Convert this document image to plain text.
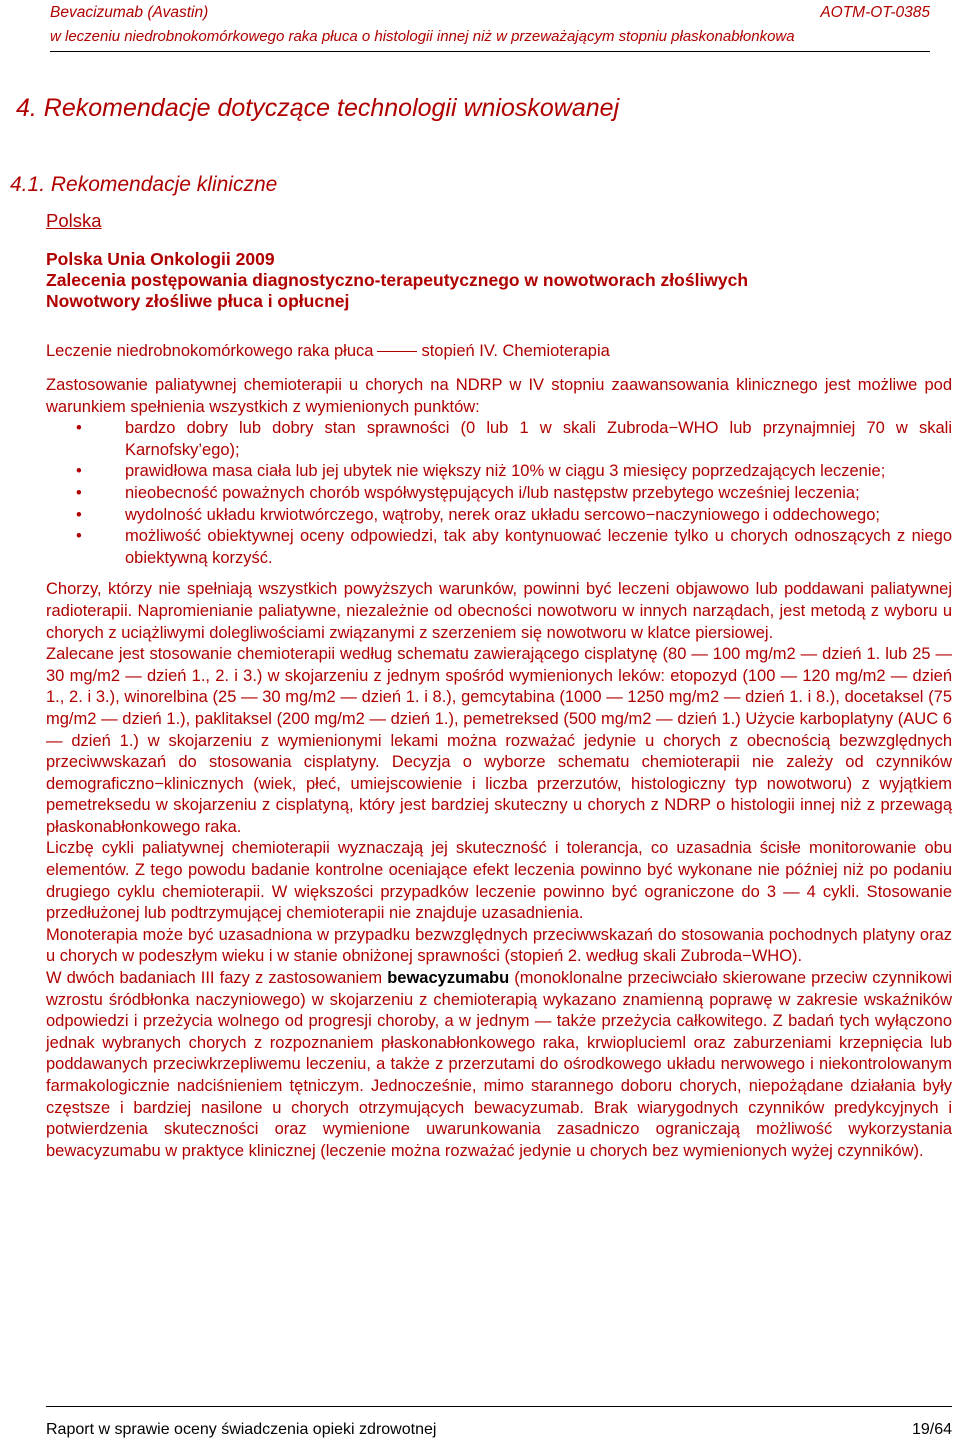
Bevacizumab (Avastin)	AOTM-OT-0385
w leczeniu niedrobnokomórkowego raka płuca o histologii innej niż w przeważającym stopniu płaskonabłonkowa
4. Rekomendacje dotyczące technologii wnioskowanej
4.1. Rekomendacje kliniczne
Polska
Polska Unia Onkologii 2009
Zalecenia postępowania diagnostyczno-terapeutycznego w nowotworach złośliwych
Nowotwory złośliwe płuca i opłucnej
Leczenie niedrobnokomórkowego raka płuca	stopień IV. Chemioterapia

Zastosowanie paliatywnej chemioterapii u chorych na NDRP w IV stopniu zaawansowania klinicznego jest możliwe pod warunkiem spełnienia wszystkich z wymienionych punktów:

• bardzo dobry lub dobry stan sprawności (0 lub 1 w skali Zubroda−WHO lub przynajmniej 70 w skali Karnofsky’ego);
• prawidłowa masa ciała lub jej ubytek nie większy niż 10% w ciągu 3 miesięcy poprzedzających leczenie;
• nieobecność poważnych chorób współwystępujących i/lub następstw przebytego wcześniej leczenia;
• wydolność układu krwiotwórczego, wątroby, nerek oraz układu sercowo−naczyniowego i oddechowego;
• możliwość obiektywnej oceny odpowiedzi, tak aby kontynuować leczenie tylko u chorych odnoszących z niego obiektywną korzyść.

Chorzy, którzy nie spełniają wszystkich powyższych warunków, powinni być leczeni objawowo lub poddawani paliatywnej radioterapii. Napromienianie paliatywne, niezależnie od obecności nowotworu w innych narządach, jest metodą z wyboru u chorych z uciążliwymi dolegliwościami związanymi z szerzeniem się nowotworu w klatce piersiowej.

Zalecane jest stosowanie chemioterapii według schematu zawierającego cisplatynę (80 — 100 mg/m2 — dzień 1. lub 25 — 30 mg/m2 — dzień 1., 2. i 3.) w skojarzeniu z jednym spośród wymienionych leków: etopozyd (100 — 120 mg/m2 — dzień 1., 2. i 3.), winorelbina (25 — 30 mg/m2 — dzień 1. i 8.), gemcytabina (1000 — 1250 mg/m2 — dzień 1. i 8.), docetaksel (75 mg/m2 — dzień 1.), paklitaksel (200 mg/m2 — dzień 1.), pemetreksed (500 mg/m2 — dzień 1.) Użycie karboplatyny (AUC 6 — dzień 1.) w skojarzeniu z wymienionymi lekami można rozważać jedynie u chorych z obecnością bezwzględnych przeciwwskazań do stosowania cisplatyny. Decyzja o wyborze schematu chemioterapii nie zależy od czynników demograficzno−klinicznych (wiek, płeć, umiejscowienie i liczba przerzutów, histologiczny typ nowotworu) z wyjątkiem pemetreksedu w skojarzeniu z cisplatyną, który jest bardziej skuteczny u chorych z NDRP o histologii innej niż z przewagą płaskonabłonkowego raka.

Liczbę cykli paliatywnej chemioterapii wyznaczają jej skuteczność i tolerancja, co uzasadnia ścisłe monitorowanie obu elementów. Z tego powodu badanie kontrolne oceniające efekt leczenia powinno być wykonane nie później niż po podaniu drugiego cyklu chemioterapii. W większości przypadków leczenie powinno być ograniczone do 3 — 4 cykli. Stosowanie przedłużonej lub podtrzymującej chemioterapii nie znajduje uzasadnienia.

Monoterapia może być uzasadniona w przypadku bezwzględnych przeciwwskazań do stosowania pochodnych platyny oraz u chorych w podeszłym wieku i w stanie obniżonej sprawności (stopień 2. według skali Zubroda−WHO).

W dwóch badaniach III fazy z zastosowaniem bewacyzumabu (monoklonalne przeciwciało skierowane przeciw czynnikowi wzrostu śródbłonka naczyniowego) w skojarzeniu z chemioterapią wykazano znamienną poprawę w zakresie wskaźników odpowiedzi i przeżycia wolnego od progresji choroby, a w jednym — także przeżycia całkowitego. Z badań tych wyłączono jednak wybranych chorych z rozpoznaniem płaskonabłonkowego raka, krwioplucieml oraz zaburzeniami krzepnięcia lub poddawanych przeciwkrzepliwemu leczeniu, a także z przerzutami do ośrodkowego układu nerwowego i niekontrolowanym farmakologicznie nadciśnieniem tętniczym. Jednocześnie, mimo starannego doboru chorych, niepożądane działania były częstsze i bardziej nasilone u chorych otrzymujących bewacyzumab. Brak wiarygodnych czynników predykcyjnych i potwierdzenia skuteczności oraz wymienione uwarunkowania zasadniczo ograniczają możliwość wykorzystania bewacyzumabu w praktyce klinicznej (leczenie można rozważać jedynie u chorych bez wymienionych wyżej czynników).

Raport w sprawie oceny świadczenia opieki zdrowotnej	19/64
